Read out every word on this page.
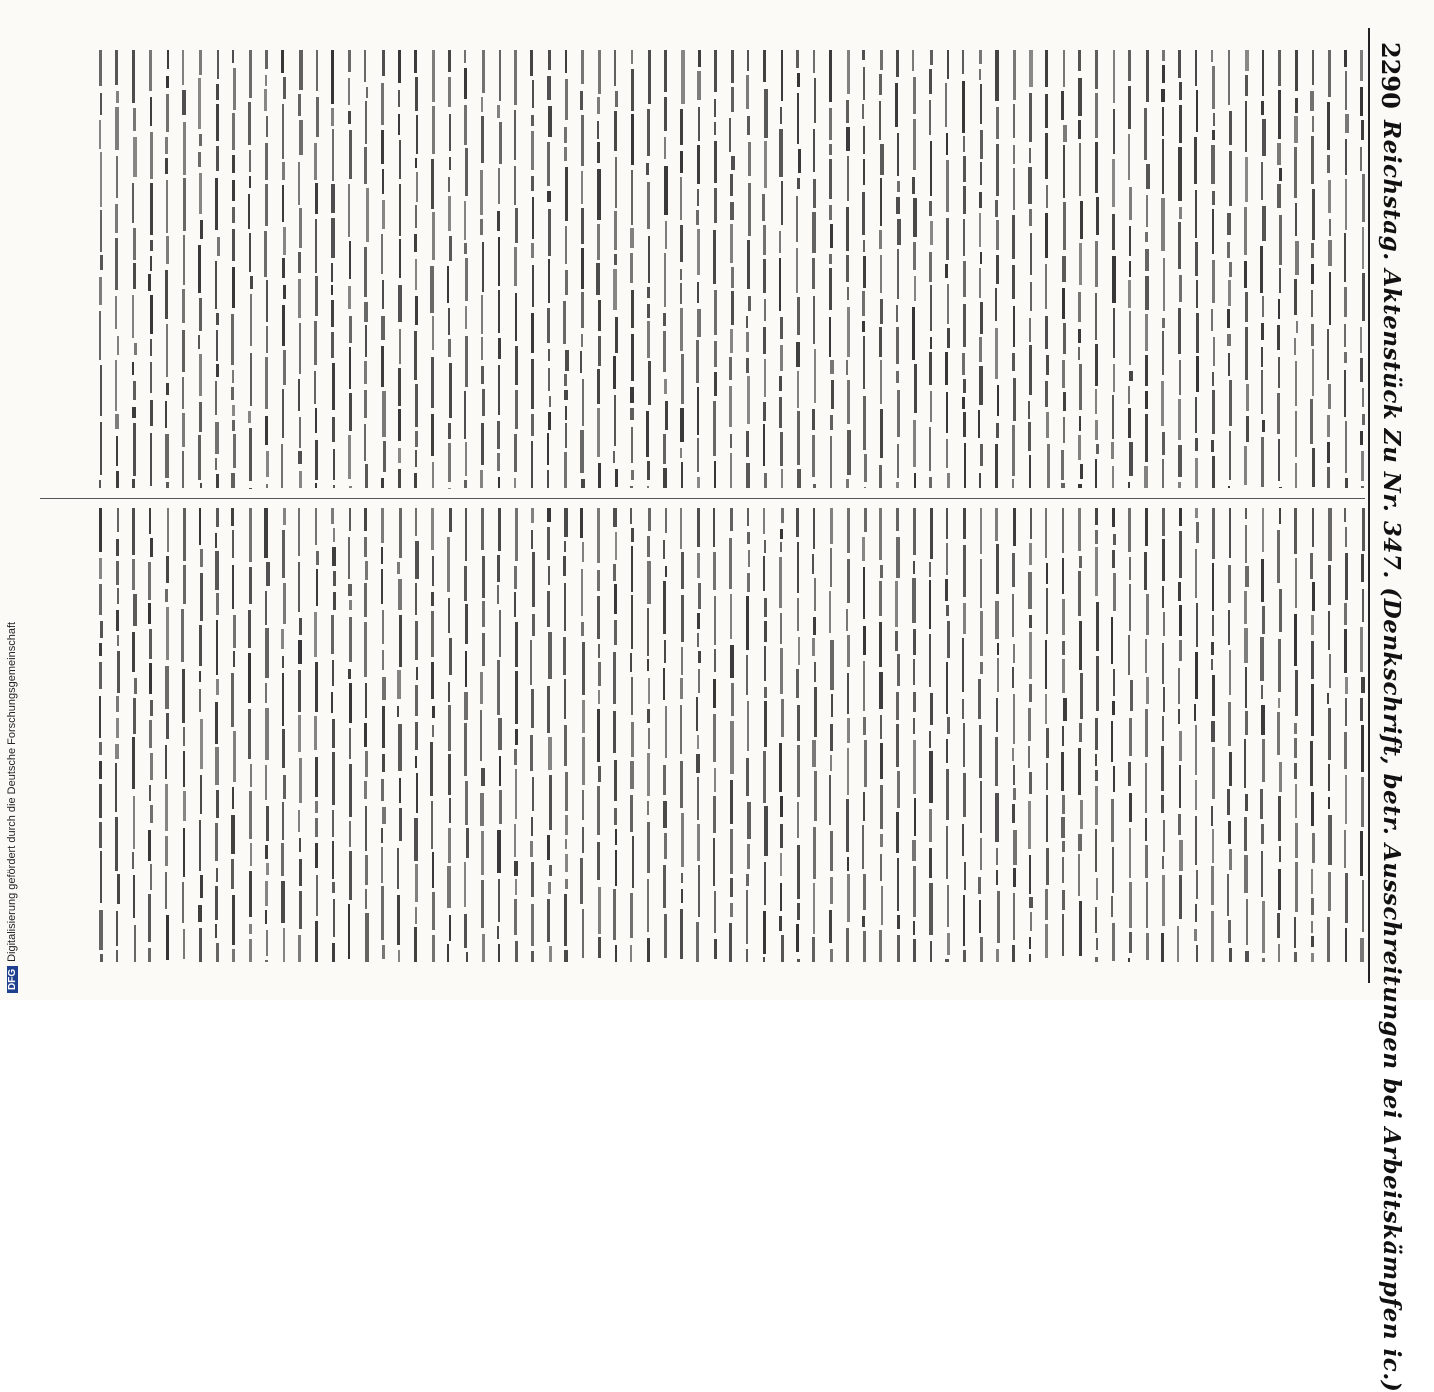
2290
Reichstag. Aktenstück Zu Nr. 347. (Denkschrift, betr. Ausschreitungen bei Arbeitskämpfen ic.)
DFGDigitalisierung gefördert durch die Deutsche Forschungsgemeinschaft
